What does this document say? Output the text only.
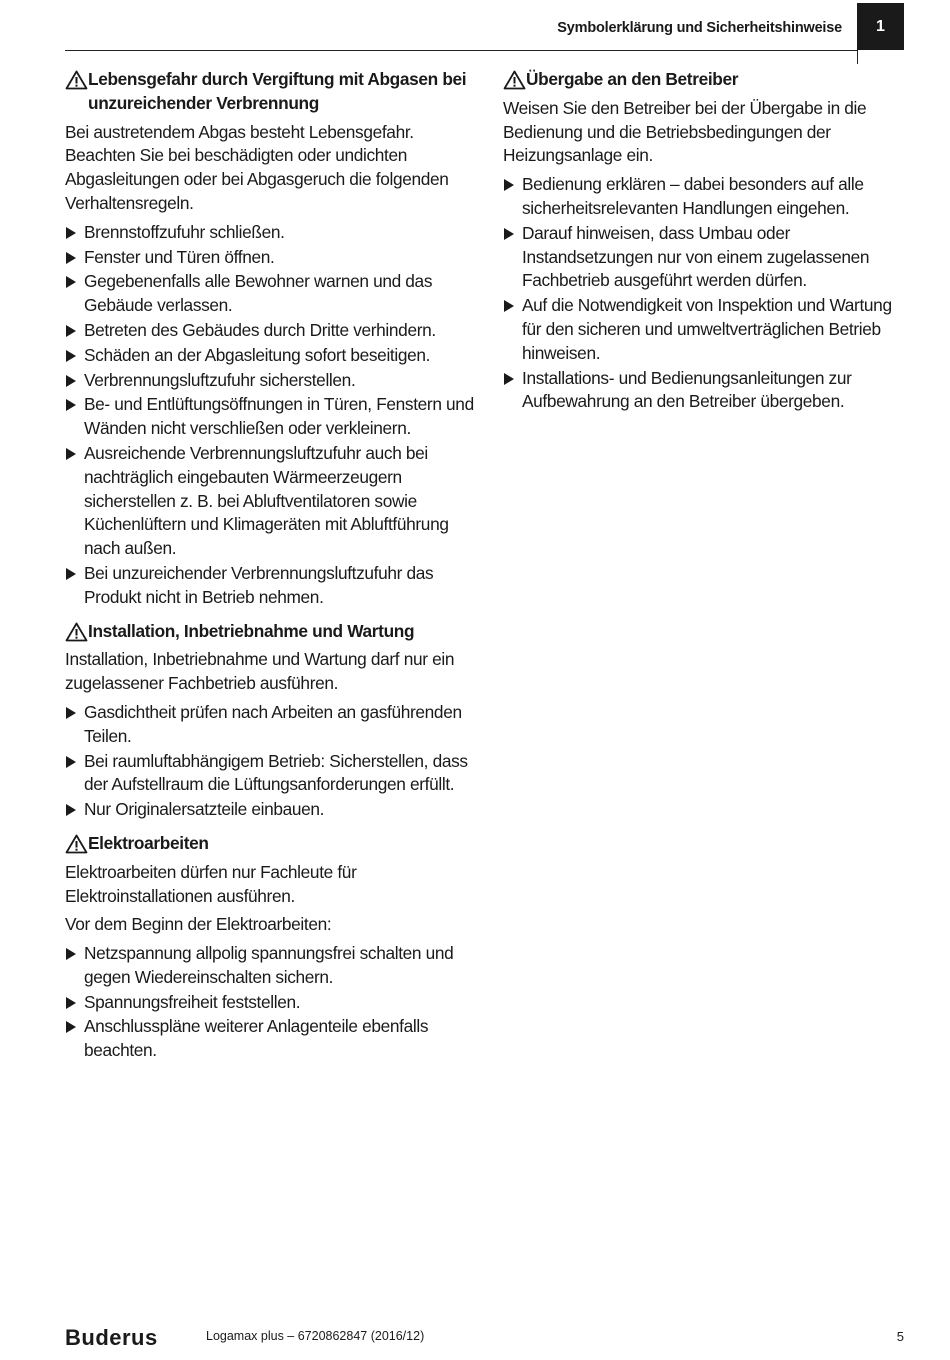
Symbolerklärung und Sicherheitshinweise	1
Lebensgefahr durch Vergiftung mit Abgasen bei unzureichender Verbrennung
Bei austretendem Abgas besteht Lebensgefahr. Beachten Sie bei beschädigten oder undichten Abgasleitungen oder bei Abgasgeruch die folgenden Verhaltensregeln.
Brennstoffzufuhr schließen.
Fenster und Türen öffnen.
Gegebenenfalls alle Bewohner warnen und das Gebäude verlassen.
Betreten des Gebäudes durch Dritte verhindern.
Schäden an der Abgasleitung sofort beseitigen.
Verbrennungsluftzufuhr sicherstellen.
Be- und Entlüftungsöffnungen in Türen, Fenstern und Wänden nicht verschließen oder verkleinern.
Ausreichende Verbrennungsluftzufuhr auch bei nachträglich eingebauten Wärmeerzeugern sicherstellen z. B. bei Abluftventilatoren sowie Küchenlüftern und Klimageräten mit Abluftführung nach außen.
Bei unzureichender Verbrennungsluftzufuhr das Produkt nicht in Betrieb nehmen.
Installation, Inbetriebnahme und Wartung
Installation, Inbetriebnahme und Wartung darf nur ein zugelassener Fachbetrieb ausführen.
Gasdichtheit prüfen nach Arbeiten an gasführenden Teilen.
Bei raumluftabhängigem Betrieb: Sicherstellen, dass der Aufstellraum die Lüftungsanforderungen erfüllt.
Nur Originalersatzteile einbauen.
Elektroarbeiten
Elektroarbeiten dürfen nur Fachleute für Elektroinstallationen ausführen.
Vor dem Beginn der Elektroarbeiten:
Netzspannung allpolig spannungsfrei schalten und gegen Wiedereinschalten sichern.
Spannungsfreiheit feststellen.
Anschlusspläne weiterer Anlagenteile ebenfalls beachten.
Übergabe an den Betreiber
Weisen Sie den Betreiber bei der Übergabe in die Bedienung und die Betriebsbedingungen der Heizungsanlage ein.
Bedienung erklären – dabei besonders auf alle sicherheitsrelevanten Handlungen eingehen.
Darauf hinweisen, dass Umbau oder Instandsetzungen nur von einem zugelassenen Fachbetrieb ausgeführt werden dürfen.
Auf die Notwendigkeit von Inspektion und Wartung für den sicheren und umweltverträglichen Betrieb hinweisen.
Installations- und Bedienungsanleitungen zur Aufbewahrung an den Betreiber übergeben.
Buderus	Logamax plus – 6720862847 (2016/12)	5
